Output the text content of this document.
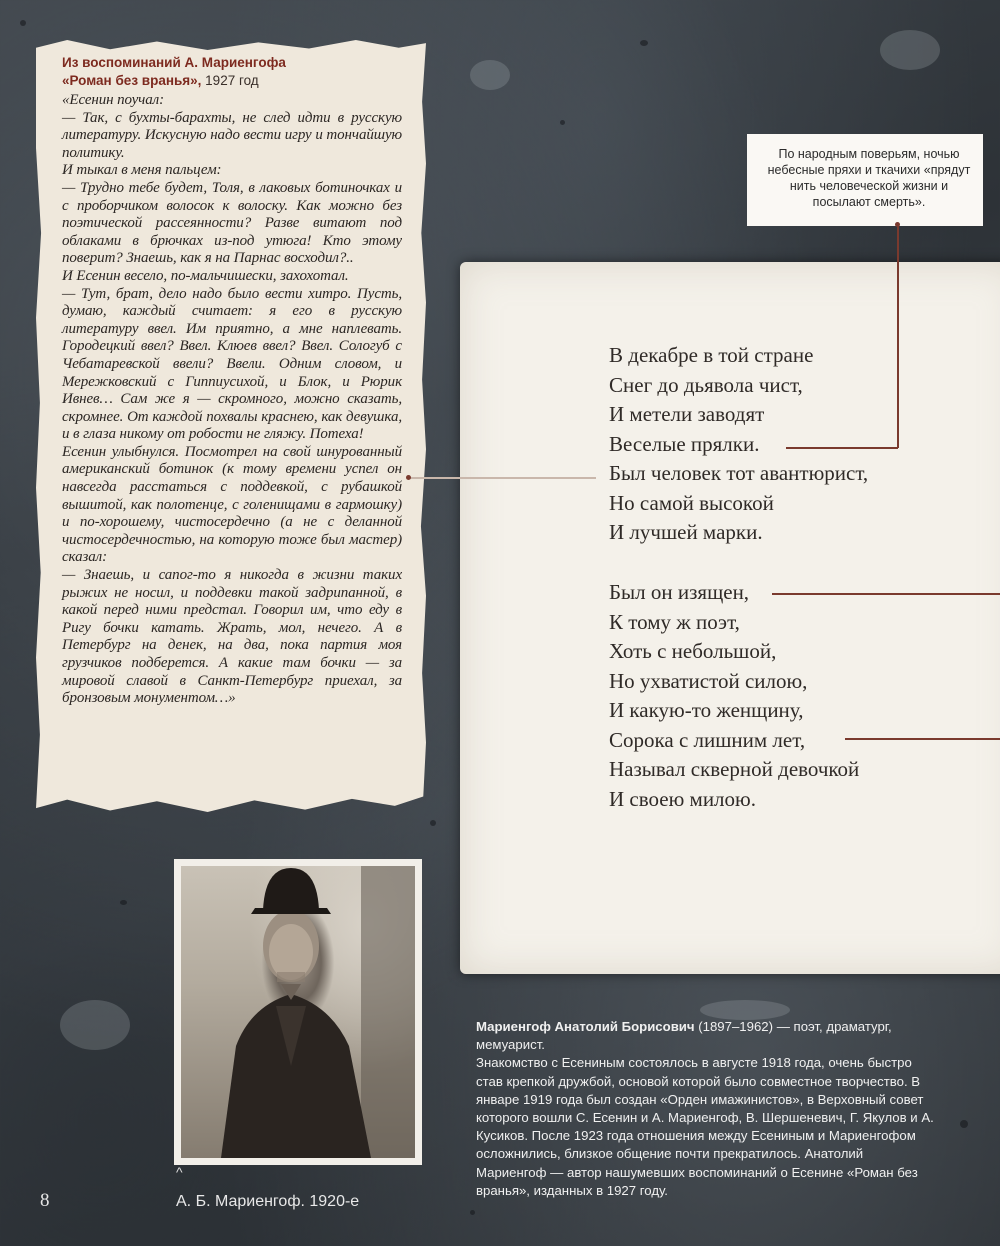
Из воспоминаний А. Мариенгофа
«Роман без вранья», 1927 год
«Есенин поучал:
— Так, с бухты-барахты, не след идти в русскую литературу. Искусную надо вести игру и тончайшую политику.
И тыкал в меня пальцем:
— Трудно тебе будет, Толя, в лаковых ботиночках и с проборчиком волосок к волоску. Как можно без поэтической рассеянности? Разве витают под облаками в брючках из-под утюга! Кто этому поверит? Знаешь, как я на Парнас восходил?..
И Есенин весело, по-мальчишески, захохотал.
— Тут, брат, дело надо было вести хитро. Пусть, думаю, каждый считает: я его в русскую литературу ввел. Им приятно, а мне наплевать. Городецкий ввел? Ввел. Клюев ввел? Ввел. Сологуб с Чебатаревской ввели? Ввели. Одним словом, и Мережковский с Гиппиусихой, и Блок, и Рюрик Ивнев… Сам же я — скромного, можно сказать, скромнее. От каждой похвалы краснею, как девушка, и в глаза никому от робости не гляжу. Потеха!
Есенин улыбнулся. Посмотрел на свой шнурованный американский ботинок (к тому времени успел он навсегда расстаться с поддевкой, с рубашкой вышитой, как полотенце, с голенищами в гармошку) и по-хорошему, чистосердечно (а не с деланной чистосердечностью, на которую тоже был мастер) сказал:
— Знаешь, и сапог-то я никогда в жизни таких рыжих не носил, и поддевки такой задрипанной, в какой перед ними предстал. Говорил им, что еду в Ригу бочки катать. Жрать, мол, нечего. А в Петербург на денек, на два, пока партия моя грузчиков подберется. А какие там бочки — за мировой славой в Санкт-Петербург приехал, за бронзовым монументом…»
По народным поверьям, ночью небесные пряхи и ткачихи «прядут нить человеческой жизни и посылают смерть».
В декабре в той стране
Снег до дьявола чист,
И метели заводят
Веселые прялки.
Был человек тот авантюрист,
Но самой высокой
И лучшей марки.
Был он изящен,
К тому ж поэт,
Хоть с небольшой,
Но ухватистой силою,
И какую-то женщину,
Сорока с лишним лет,
Называл скверной девочкой
И своею милою.
^
А. Б. Мариенгоф. 1920-е
8
Мариенгоф Анатолий Борисович (1897–1962) — поэт, драматург, мемуарист.
Знакомство с Есениным состоялось в августе 1918 года, очень быстро став крепкой дружбой, основой которой было совместное творчество. В январе 1919 года был создан «Орден имажинистов», в Верховный совет которого вошли С. Есенин и А. Мариенгоф, В. Шершеневич, Г. Якулов и А. Кусиков. После 1923 года отношения между Есениным и Мариенгофом осложнились, близкое общение почти прекратилось. Анатолий Мариенгоф — автор нашумевших воспоминаний о Есенине «Роман без вранья», изданных в 1927 году.
